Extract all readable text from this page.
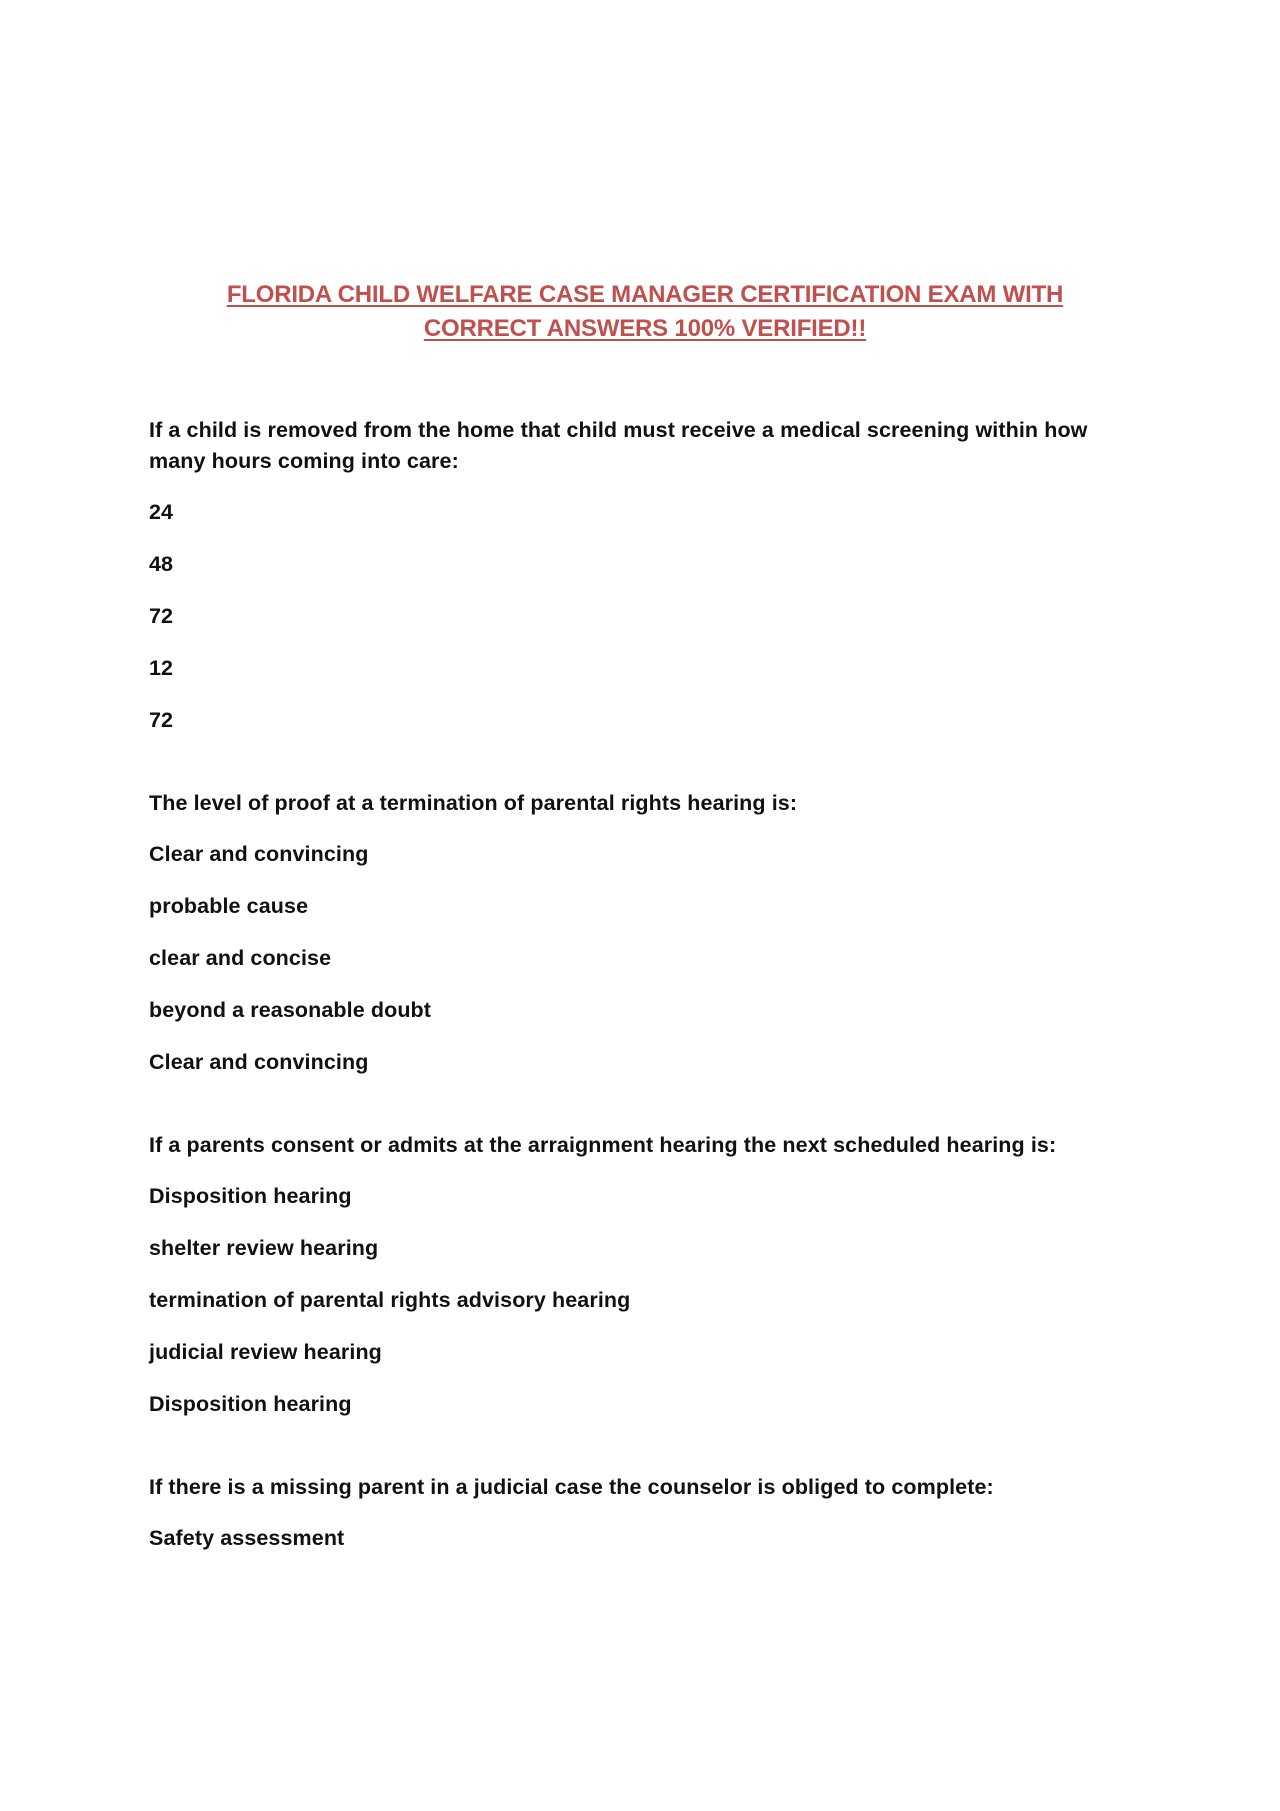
FLORIDA CHILD WELFARE CASE MANAGER CERTIFICATION EXAM WITH
CORRECT ANSWERS 100% VERIFIED!!

If a child is removed from the home that child must receive a medical screening within how many hours coming into care:

24

48

72

12

72

The level of proof at a termination of parental rights hearing is:

Clear and convincing

probable cause

clear and concise

beyond a reasonable doubt

Clear and convincing

If a parents consent or admits at the arraignment hearing the next scheduled hearing is:

Disposition hearing

shelter review hearing

termination of parental rights advisory hearing

judicial review hearing

Disposition hearing

If there is a missing parent in a judicial case the counselor is obliged to complete:

Safety assessment
